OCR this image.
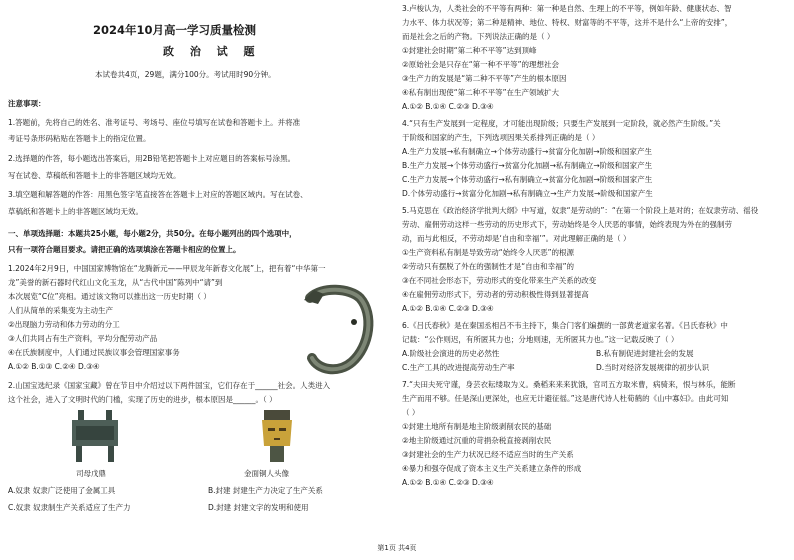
2024年10月高一学习质量检测
政 治 试 题
本试卷共4页，29题，满分100分。考试用时90分钟。
注意事项：
1.答题前，先将自己的姓名、准考证号、考场号、座位号填写在试卷和答题卡上。并将准
考证号条形码粘贴在答题卡上的指定位置。
2.选择题的作答，每小题选出答案后，用2B铅笔把答题卡上对应题目的答案标号涂黑。
写在试卷、草稿纸和答题卡上的非答题区域均无效。
3.填空题和解答题的作答：用黑色签字笔直接答在答题卡上对应的答题区域内。写在试卷、
草稿纸和答题卡上的非答题区域均无效。
一、单项选择题：本题共25小题，每小题2分，共50分。在每小题列出的四个选项中，
只有一项符合题目要求。请把正确的选项填涂在答题卡相应的位置上。
1.2024年2月9日，中国国家博物馆在“龙腾新元——甲辰龙年新春文化展”上，把有着“中华第一
龙”美誉的新石器时代红山文化玉龙，从“古代中国”陈列中“请”到
本次展览“C位”亮相。通过该文物可以推出这一历史时期（ ）
人们从简单的采集变为主动生产
②出现脑力劳动和体力劳动的分工
③人们共同占有生产资料，平均分配劳动产品
④在氏族制度中，人们通过民族议事会管理国家事务
A.①② B.①③ C.②④ D.③④
2.山国宝选纪录《国家宝藏》曾在节目中介绍过以下两件国宝，它们存在于______社会。人类进入
这个社会，进入了文明时代的门槛，实现了历史的进步，根本原因是______。（ ）
司母戊鼎	金面铜人头像
A.奴隶 奴隶广泛使用了金属工具	B.封建 封建生产力决定了生产关系
C.奴隶 奴隶制生产关系适应了生产力	D.封建 封建文字的发明和使用
3.卢梭认为，人类社会的不平等有两种：第一种是自然、生理上的不平等，例如年龄、健康状态、智
力水平、体力状况等；第二种是精神、地位、特权、财富等的不平等，这并不是什么“上帝的安排”，
而是社会之后的产物。下列说法正确的是（ ）
①封建社会时期“第二种不平等”达到顶峰
②原始社会是只存在“第一种不平等”的理想社会
③生产力的发展是“第二种不平等”产生的根本原因
④私有制出现使“第二种不平等”在生产领域扩大
A.①② B.①④ C.②③ D.③④
4.“只有生产发展到一定程度，才可能出现阶级；只要生产发展到一定阶段，就必然产生阶级。”关
于阶级和国家的产生，下列选项因果关系排列正确的是（ ）
A.生产力发展→私有制确立→个体劳动盛行→贫富分化加剧→阶级和国家产生
B.生产力发展→个体劳动盛行→贫富分化加剧→私有制确立→阶级和国家产生
C.生产力发展→个体劳动盛行→私有制确立→贫富分化加剧→阶级和国家产生
D.个体劳动盛行→贫富分化加剧→私有制确立→生产力发展→阶级和国家产生
5.马克思在《政治经济学批判大纲》中写道，奴隶“是劳动的”：“在第一个阶段上是对的；在奴隶劳动、徭役
劳动、雇佣劳动这样一些劳动的历史形式下，劳动始终是令人厌恶的事情，始终表现为外在的强制劳
动，而与此相反，不劳动却是‘自由和幸福’”。对此理解正确的是（ ）
①生产资料私有制是导致劳动“始终令人厌恶”的根源
②劳动只有摆脱了外在的强制性才是“自由和幸福”的
③在不同社会形态下，劳动形式的变化带来生产关系的改变
④在雇佣劳动形式下，劳动者的劳动积极性得到显著提高
A.①② B.①④ C.②③ D.③④
6.《吕氏春秋》是在秦国丞相吕不韦主持下，集合门客们编撰的一部黄老道家名著。《吕氏春秋》中
记载：“公作则迟，有所匿其力也；分地则速，无所匿其力也。”这一记载反映了（ ）
A.阶级社会演进的历史必然性	B.私有制促进封建社会的发展
C.生产工具的改进提高劳动生产率	D.当时对经济发展规律的初步认识
7.“夫田夫死守谨，身芸衣耘缕取为义。桑稻来来来犹饿，官司五方取米曹，病骑来，恨与林乐，能断
生产而用不够。任是深山更深处，也应无计避征徭。”这是唐代诗人杜荀鹤的《山中寡妇》。由此可知
（ ）
①封建土地所有制是地主阶级剥削农民的基础
②地主阶级通过沉重的苛捐杂税直接剥削农民
③封建社会的生产力状况已经不适应当时的生产关系
④暴力和强夺促成了资本主义生产关系建立条件的形成
A.①② B.①④ C.②③ D.③④
第1页 共4页
